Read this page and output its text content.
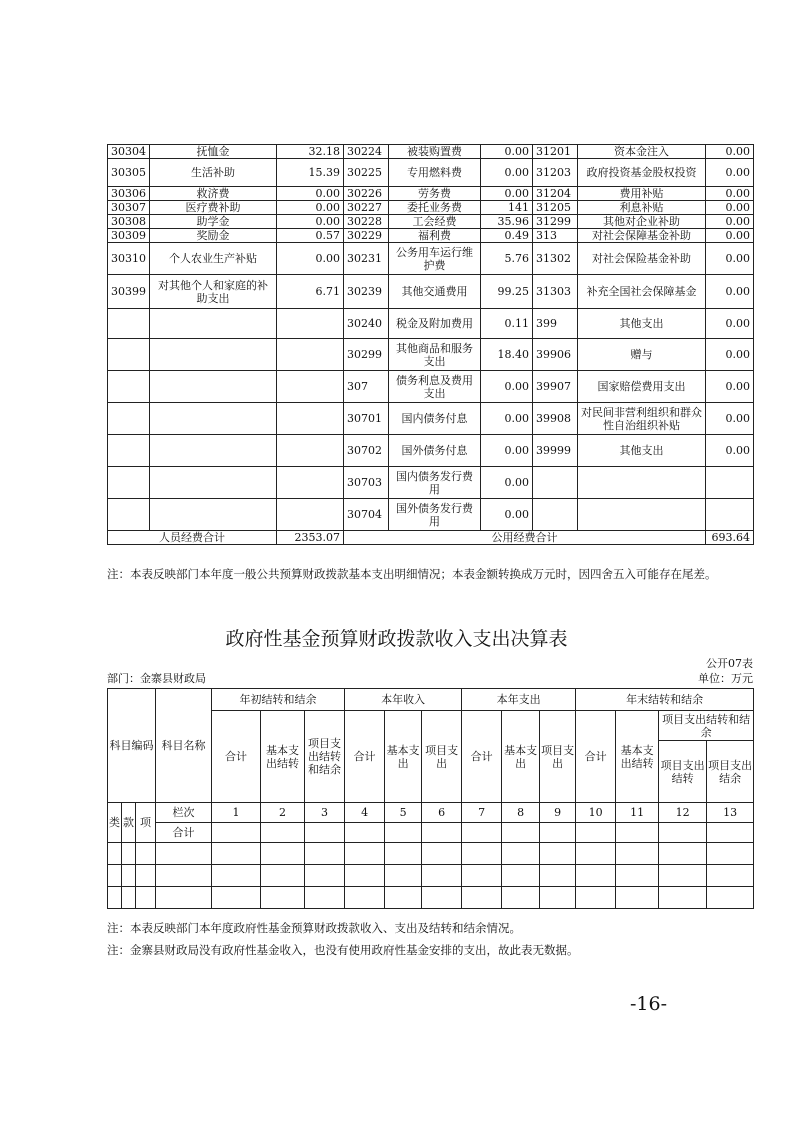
30304	抚恤金	32.18	30224	被装购置费	0.00	31201	资本金注入	0.00
30305	生活补助	15.39	30225	专用燃料费	0.00	31203	政府投资基金股权投资	0.00
30306	救济费	0.00	30226	劳务费	0.00	31204	费用补贴	0.00
30307	医疗费补助	0.00	30227	委托业务费	141	31205	利息补贴	0.00
30308	助学金	0.00	30228	工会经费	35.96	31299	其他对企业补助	0.00
30309	奖励金	0.57	30229	福利费	0.49	313	对社会保障基金补助	0.00
30310	个人农业生产补贴	0.00	30231	公务用车运行维护费	5.76	31302	对社会保险基金补助	0.00
30399	对其他个人和家庭的补助支出	6.71	30239	其他交通费用	99.25	31303	补充全国社会保障基金	0.00
			30240	税金及附加费用	0.11	399	其他支出	0.00
			30299	其他商品和服务支出	18.40	39906	赠与	0.00
			307	债务利息及费用支出	0.00	39907	国家赔偿费用支出	0.00
			30701	国内债务付息	0.00	39908	对民间非营利组织和群众性自治组织补贴	0.00
			30702	国外债务付息	0.00	39999	其他支出	0.00
			30703	国内债务发行费用	0.00			
			30704	国外债务发行费用	0.00			
人员经费合计		2353.07	公用经费合计					693.64
注：本表反映部门本年度一般公共预算财政拨款基本支出明细情况；本表金额转换成万元时，因四舍五入可能存在尾差。
政府性基金预算财政拨款收入支出决算表
公开07表
部门：金寨县财政局	单位：万元
科目编码			科目名称	年初结转和结余			本年收入			本年支出			年末结转和结余			
				合计	基本支出结转	项目支出结转和结余	合计	基本支出	项目支出	合计	基本支出	项目支出	合计	基本支出结转	项目支出结转和结余	
															项目支出结转	项目支出结余
类	款	项	栏次	1	2	3	4	5	6	7	8	9	10	11	12	13
			合计													

注：本表反映部门本年度政府性基金预算财政拨款收入、支出及结转和结余情况。
注：金寨县财政局没有政府性基金收入，也没有使用政府性基金安排的支出，故此表无数据。
-16-
